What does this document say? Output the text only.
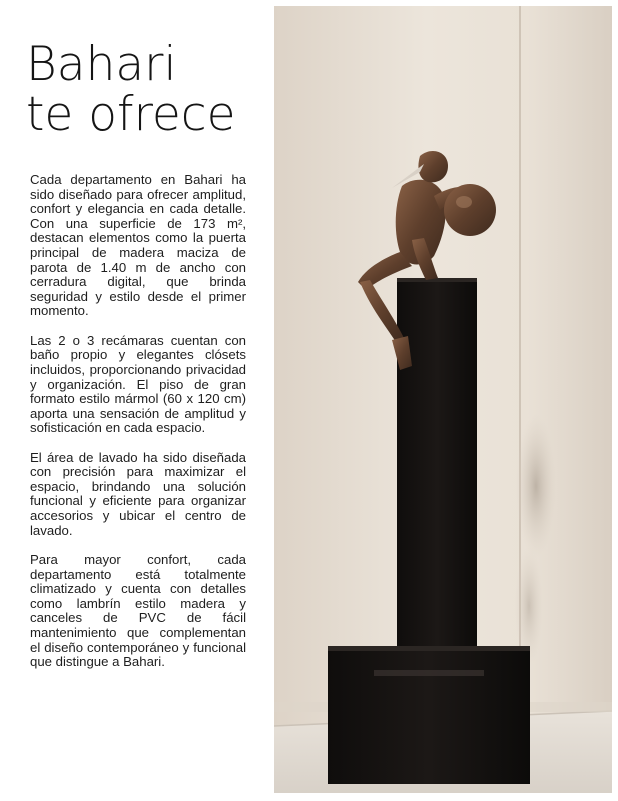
Bahari
te ofrece

Cada departamento en Bahari ha sido diseñado para ofrecer amplitud, confort y elegancia en cada detalle. Con una superficie de 173 m², destacan elementos como la puerta principal de madera maciza de parota de 1.40 m de ancho con cerradura digital, que brinda seguridad y estilo desde el primer momento.

Las 2 o 3 recámaras cuentan con baño propio y elegantes clósets incluidos, proporcionando privacidad y organización. El piso de gran formato estilo mármol (60 x 120 cm) aporta una sensación de amplitud y sofisticación en cada espacio.

El área de lavado ha sido diseñada con precisión para maximizar el espacio, brindando una solución funcional y eficiente para organizar accesorios y ubicar el centro de lavado.

Para mayor confort, cada departamento está totalmente climatizado y cuenta con detalles como lambrín estilo madera y canceles de PVC de fácil mantenimiento que complementan el diseño contemporáneo y funcional que distingue a Bahari.
